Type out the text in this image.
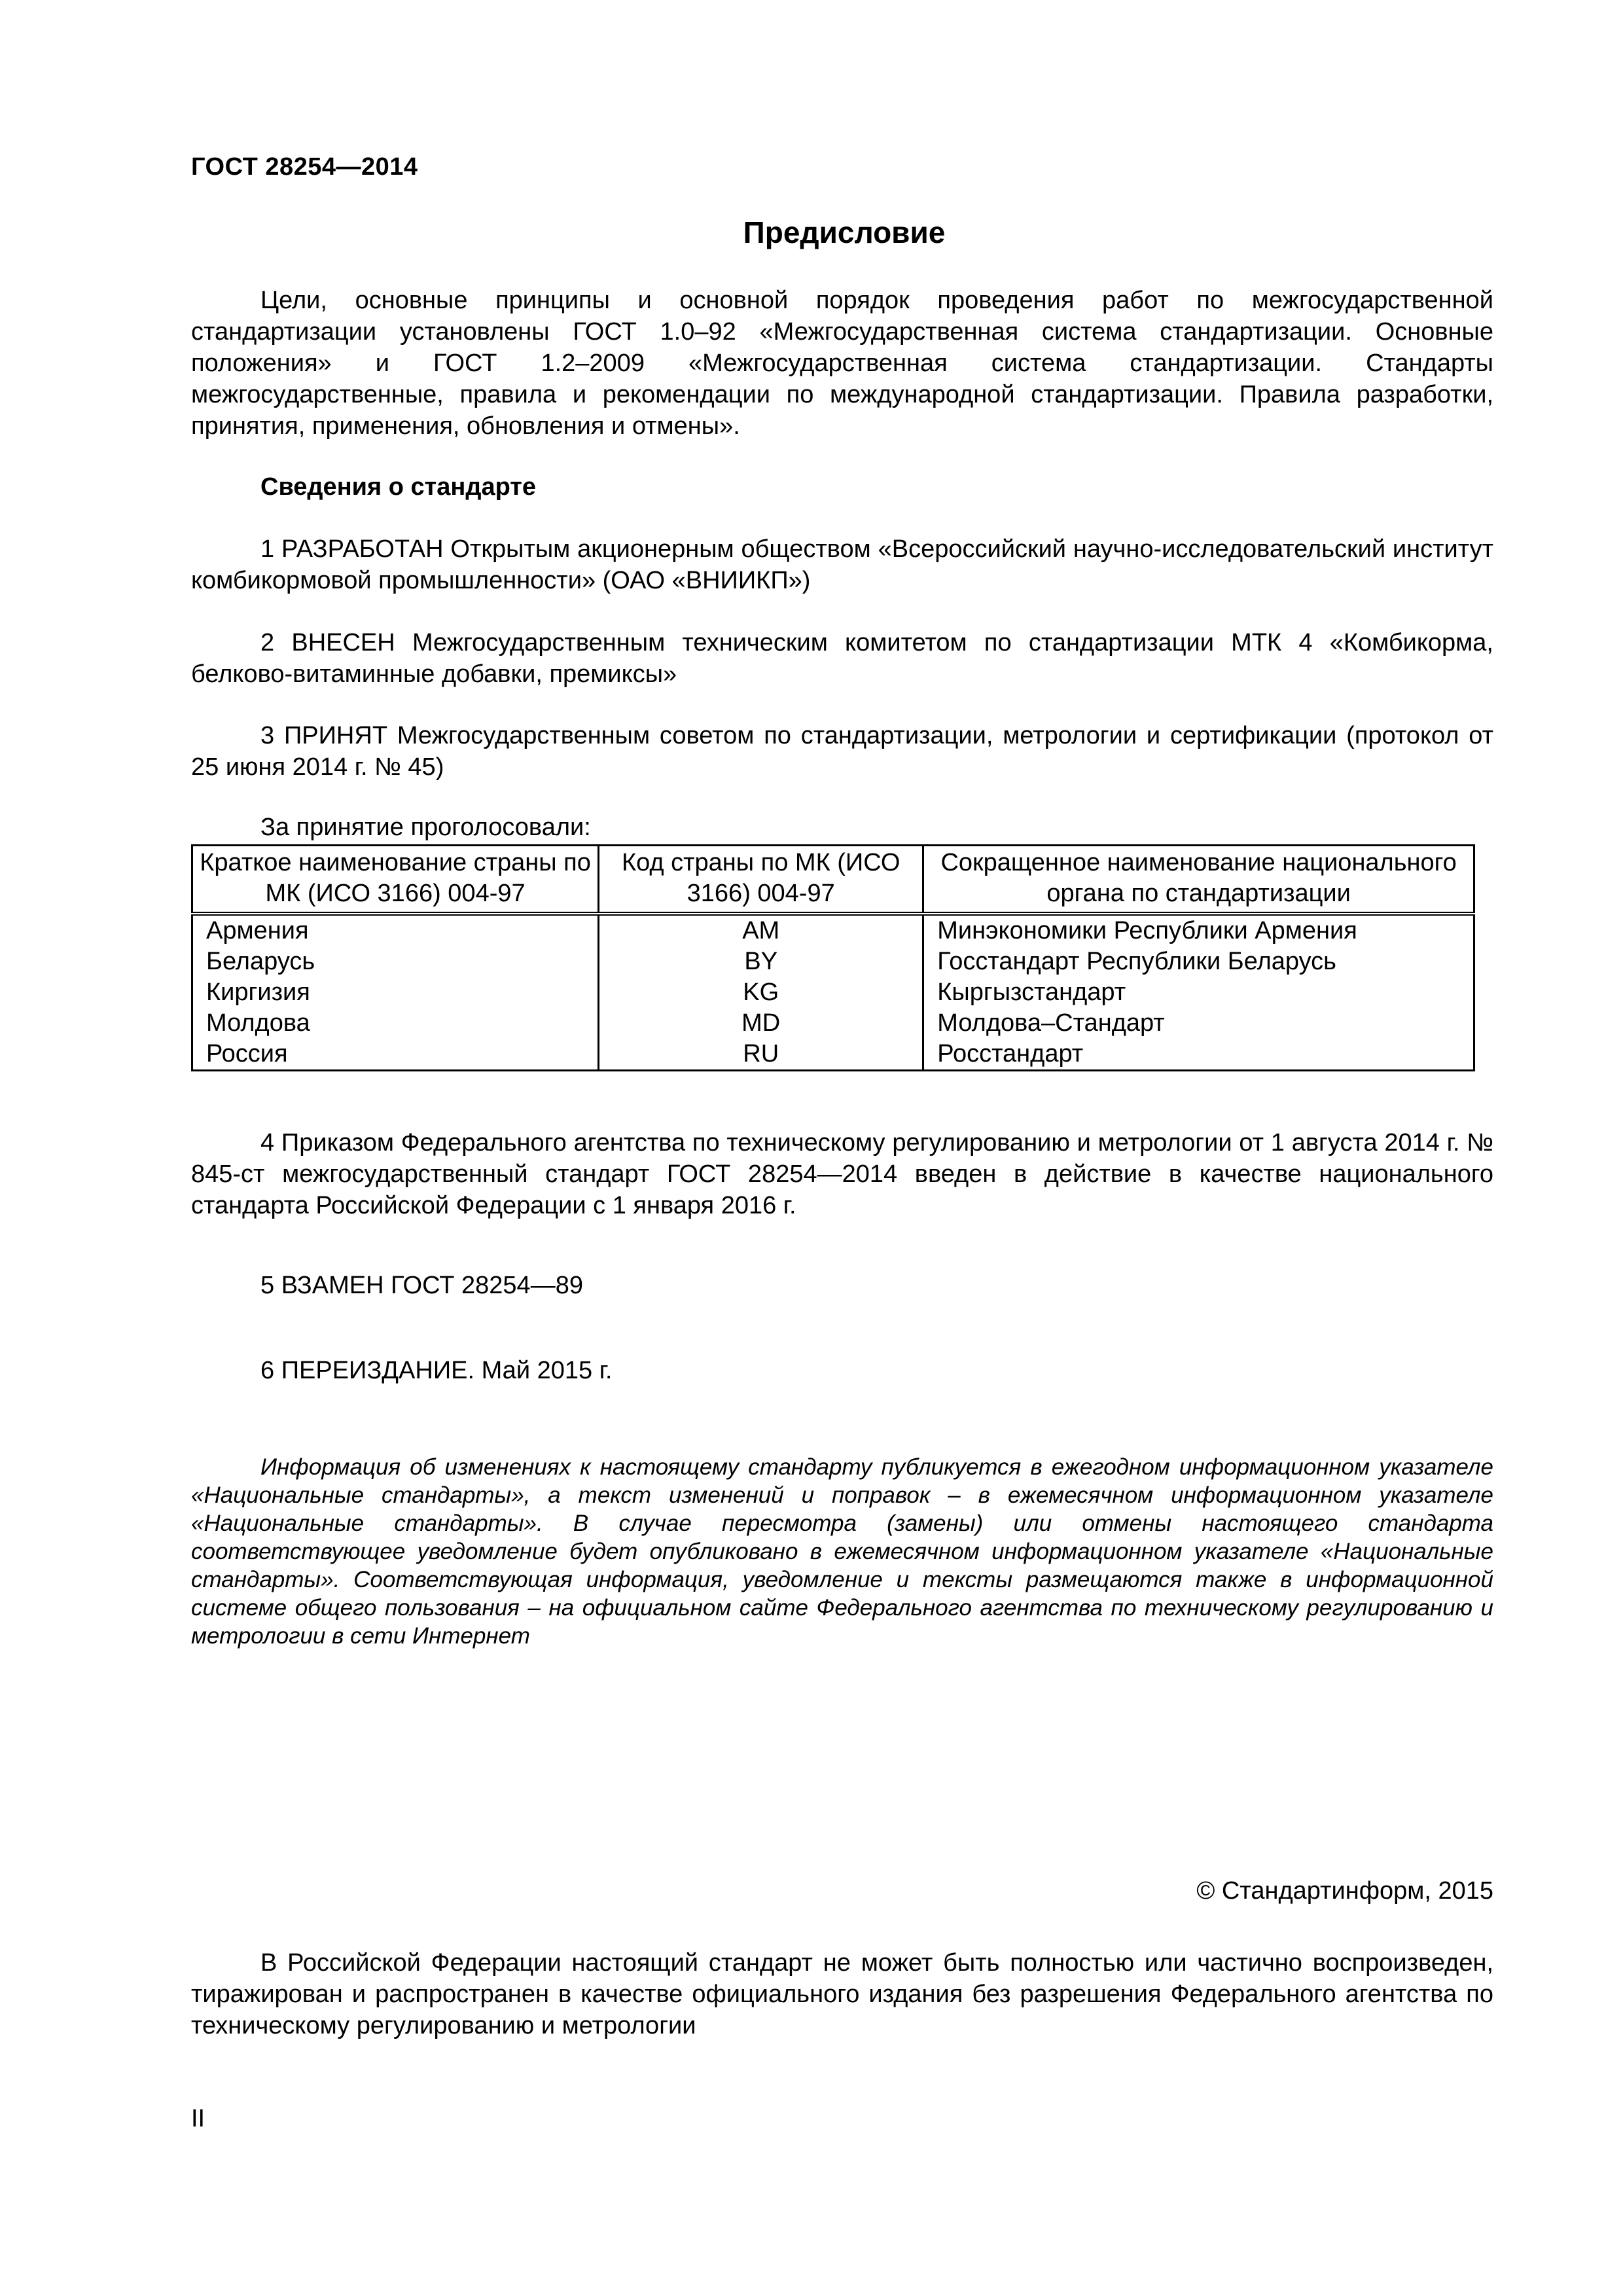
ГОСТ 28254—2014
Предисловие
Цели, основные принципы и основной порядок проведения работ по межгосударственной стандартизации установлены ГОСТ 1.0–92 «Межгосударственная система стандартизации. Основные положения» и ГОСТ 1.2–2009 «Межгосударственная система стандартизации. Стандарты межгосударственные, правила и рекомендации по международной стандартизации. Правила разработки, принятия, применения, обновления и отмены».
Сведения о стандарте
1 РАЗРАБОТАН Открытым акционерным обществом «Всероссийский научно-исследовательский институт комбикормовой промышленности» (ОАО «ВНИИКП»)
2 ВНЕСЕН Межгосударственным техническим комитетом по стандартизации МТК 4 «Комбикорма, белково-витаминные добавки, премиксы»
3 ПРИНЯТ Межгосударственным советом по стандартизации, метрологии и сертификации (протокол от 25 июня 2014 г. № 45)
За принятие проголосовали:
Краткое наименование страны по МК (ИСО 3166) 004-97	Код страны по МК (ИСО 3166) 004-97	Сокращенное наименование национального органа по стандартизации
Армения	AM	Минэкономики Республики Армения
Беларусь	BY	Госстандарт Республики Беларусь
Киргизия	KG	Кыргызстандарт
Молдова	MD	Молдова–Стандарт
Россия	RU	Росстандарт
4 Приказом Федерального агентства по техническому регулированию и метрологии от 1 августа 2014 г. № 845-ст межгосударственный стандарт ГОСТ 28254—2014 введен в действие в качестве национального стандарта Российской Федерации с 1 января 2016 г.
5 ВЗАМЕН ГОСТ 28254—89
6 ПЕРЕИЗДАНИЕ. Май 2015 г.
Информация об изменениях к настоящему стандарту публикуется в ежегодном информационном указателе «Национальные стандарты», а текст изменений и поправок – в ежемесячном информационном указателе «Национальные стандарты». В случае пересмотра (замены) или отмены настоящего стандарта соответствующее уведомление будет опубликовано в ежемесячном информационном указателе «Национальные стандарты». Соответствующая информация, уведомление и тексты размещаются также в информационной системе общего пользования – на официальном сайте Федерального агентства по техническому регулированию и метрологии в сети Интернет
© Стандартинформ, 2015
В Российской Федерации настоящий стандарт не может быть полностью или частично воспроизведен, тиражирован и распространен в качестве официального издания без разрешения Федерального агентства по техническому регулированию и метрологии
II
